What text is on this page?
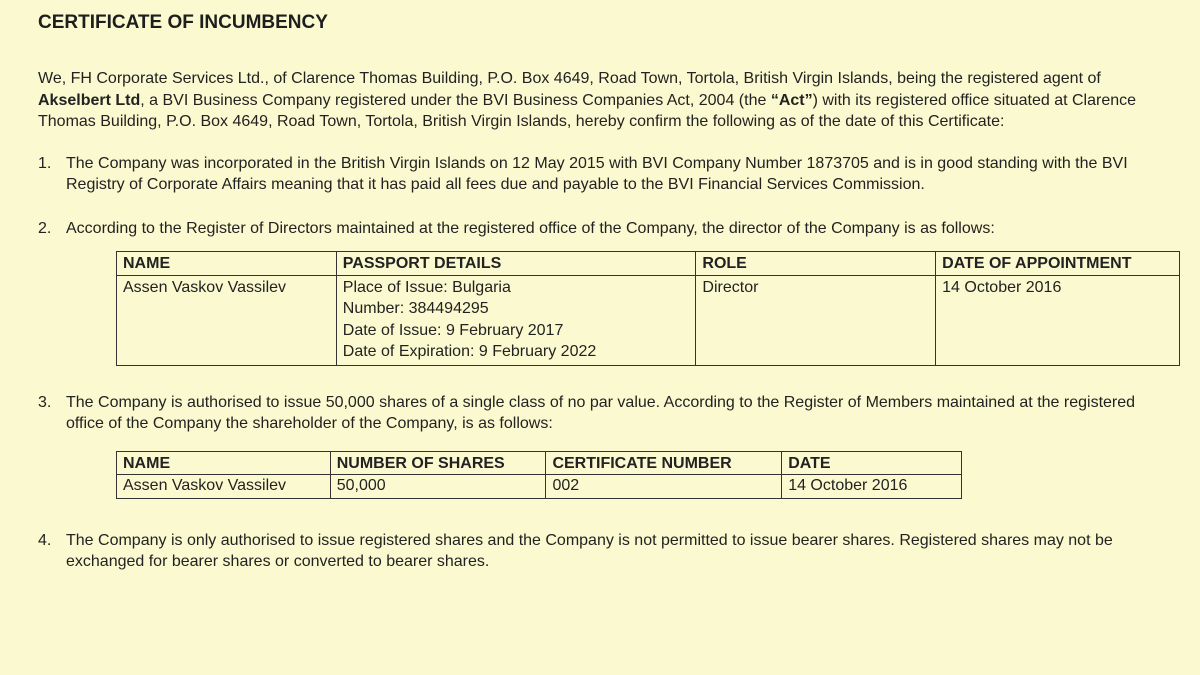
CERTIFICATE OF INCUMBENCY

We, FH Corporate Services Ltd., of Clarence Thomas Building, P.O. Box 4649, Road Town, Tortola, British Virgin Islands, being the registered agent of Akselbert Ltd, a BVI Business Company registered under the BVI Business Companies Act, 2004 (the “Act”) with its registered office situated at Clarence Thomas Building, P.O. Box 4649, Road Town, Tortola, British Virgin Islands, hereby confirm the following as of the date of this Certificate:

1. The Company was incorporated in the British Virgin Islands on 12 May 2015 with BVI Company Number 1873705 and is in good standing with the BVI Registry of Corporate Affairs meaning that it has paid all fees due and payable to the BVI Financial Services Commission.
2. According to the Register of Directors maintained at the registered office of the Company, the director of the Company is as follows:
NAME	PASSPORT DETAILS	ROLE	DATE OF APPOINTMENT
Assen Vaskov Vassilev	Place of Issue: Bulgaria
Number: 384494295
Date of Issue: 9 February 2017
Date of Expiration: 9 February 2022	Director	14 October 2016
3. The Company is authorised to issue 50,000 shares of a single class of no par value. According to the Register of Members maintained at the registered office of the Company the shareholder of the Company, is as follows:
NAME	NUMBER OF SHARES	CERTIFICATE NUMBER	DATE
Assen Vaskov Vassilev	50,000	002	14 October 2016
4. The Company is only authorised to issue registered shares and the Company is not permitted to issue bearer shares. Registered shares may not be exchanged for bearer shares or converted to bearer shares.
